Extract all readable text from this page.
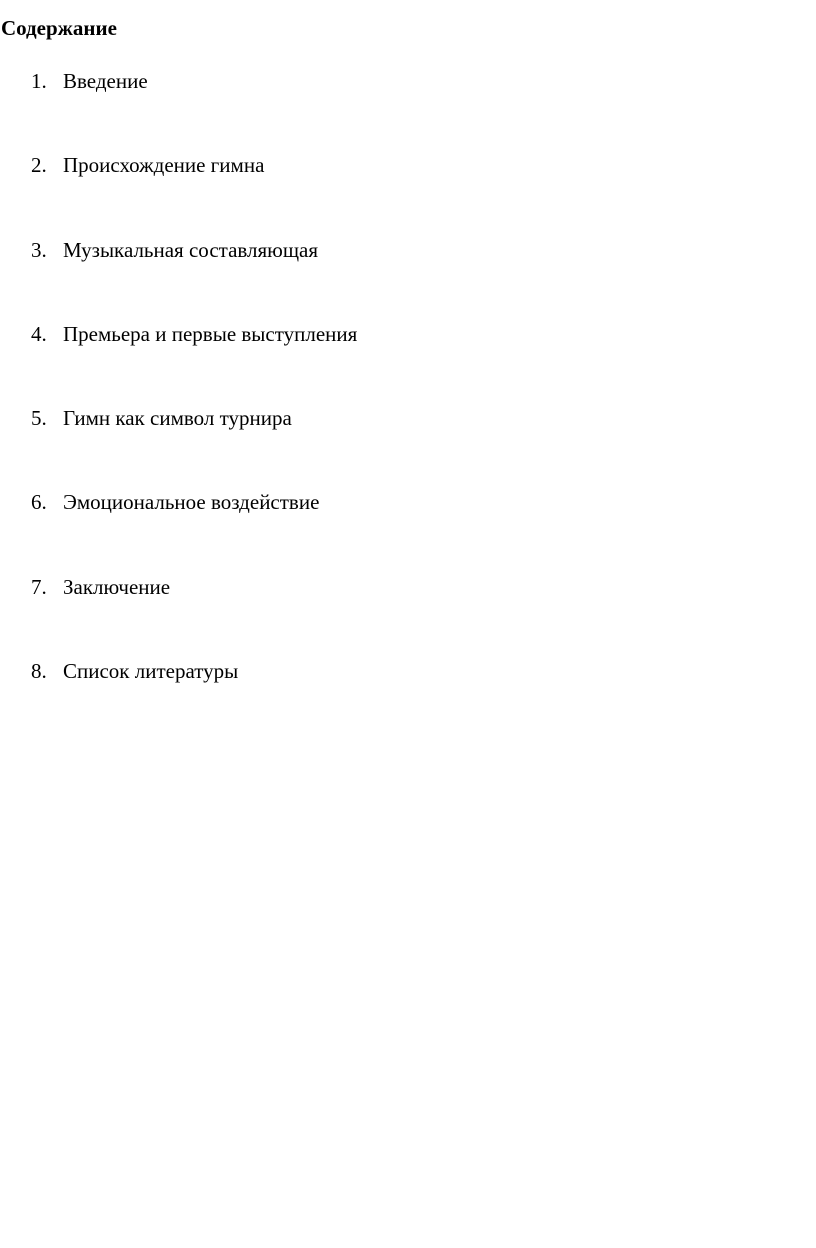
Содержание
1. Введение
2. Происхождение гимна
3. Музыкальная составляющая
4. Премьера и первые выступления
5. Гимн как символ турнира
6. Эмоциональное воздействие
7. Заключение
8. Список литературы
